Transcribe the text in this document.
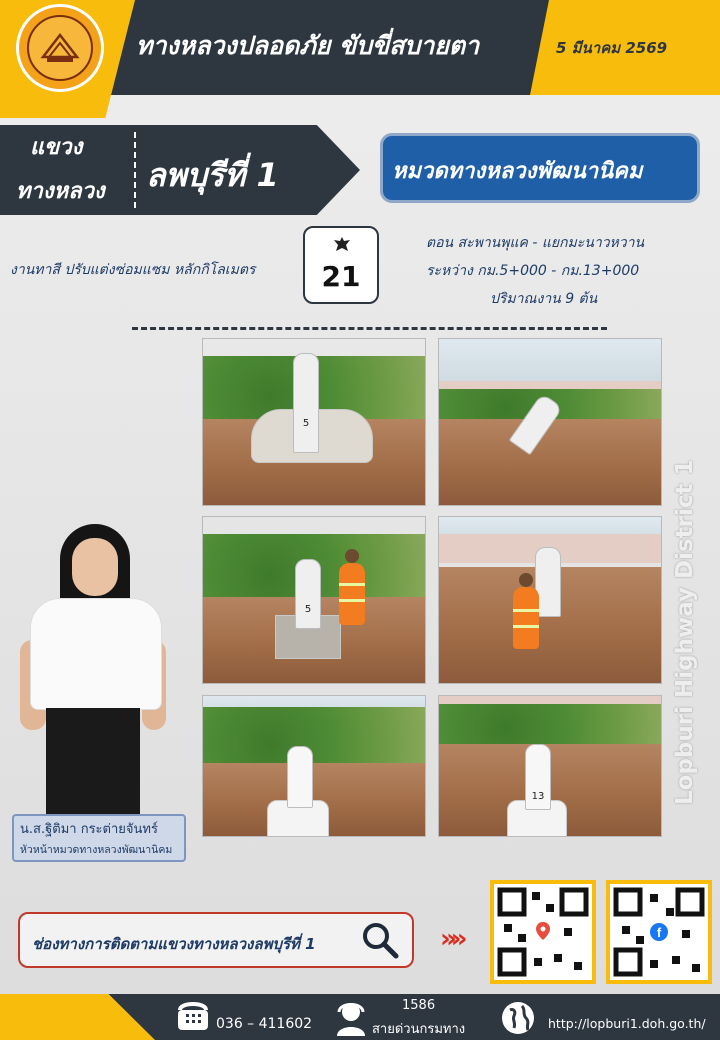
ทางหลวงปลอดภัย ขับขี่สบายตา	5 มีนาคม 2569
แขวง
ทางหลวง ลพบุรีที่ 1	หมวดทางหลวงพัฒนานิคม
งานทาสี ปรับแต่งซ่อมแซม หลักกิโลเมตร	21
ตอน สะพานพุแค - แยกมะนาวหวาน
ระหว่าง กม.5+000 - กม.13+000
ปริมาณงาน 9 ต้น
5
5
13	Lopburi Highway District 1
น.ส.ฐิติมา กระต่ายจันทร์
หัวหน้าหมวดทางหลวงพัฒนานิคม
ช่องทางการติดตามแขวงทางหลวงลพบุรีที่ 1	»»	f
036 – 411602
1586
สายด่วนกรมทาง	http://lopburi1.doh.go.th/
